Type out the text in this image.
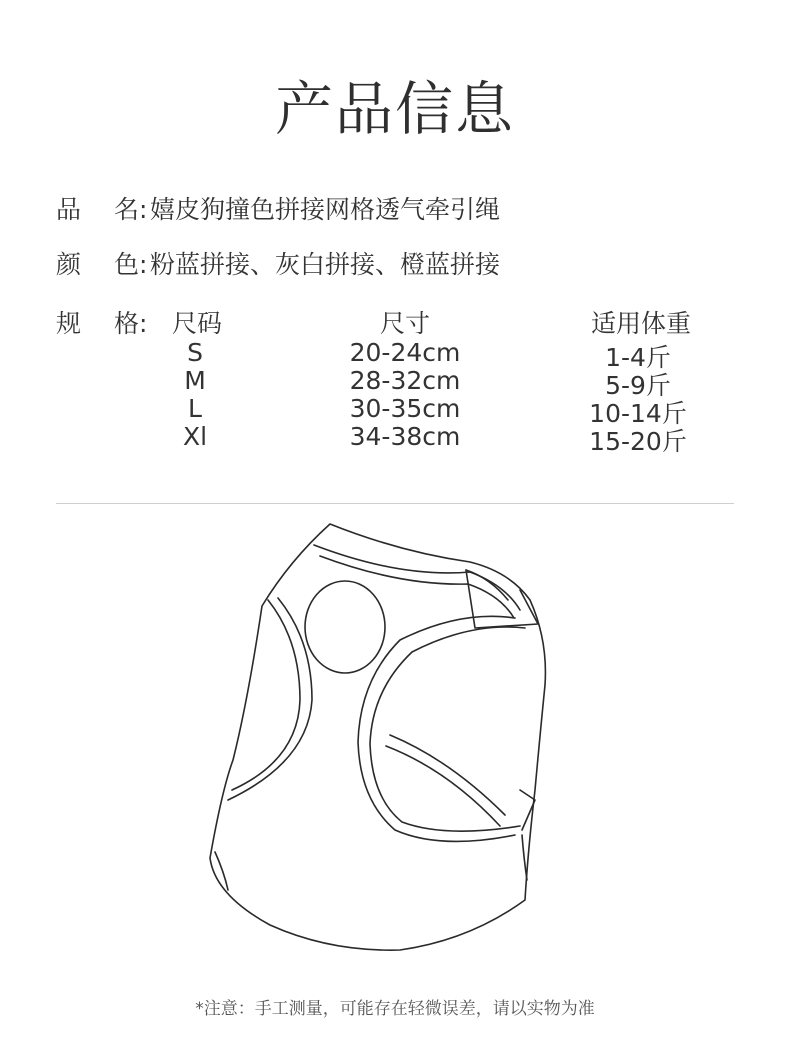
产品信息
品 名: 嬉皮狗撞色拼接网格透气牵引绳
颜 色: 粉蓝拼接、灰白拼接、橙蓝拼接
规 格: 尺码	尺寸	适用体重
S	20-24cm	1-4斤
M	28-32cm	5-9斤
L	30-35cm	10-14斤
Xl	34-38cm	15-20斤
*注意：手工测量，可能存在轻微误差，请以实物为准
